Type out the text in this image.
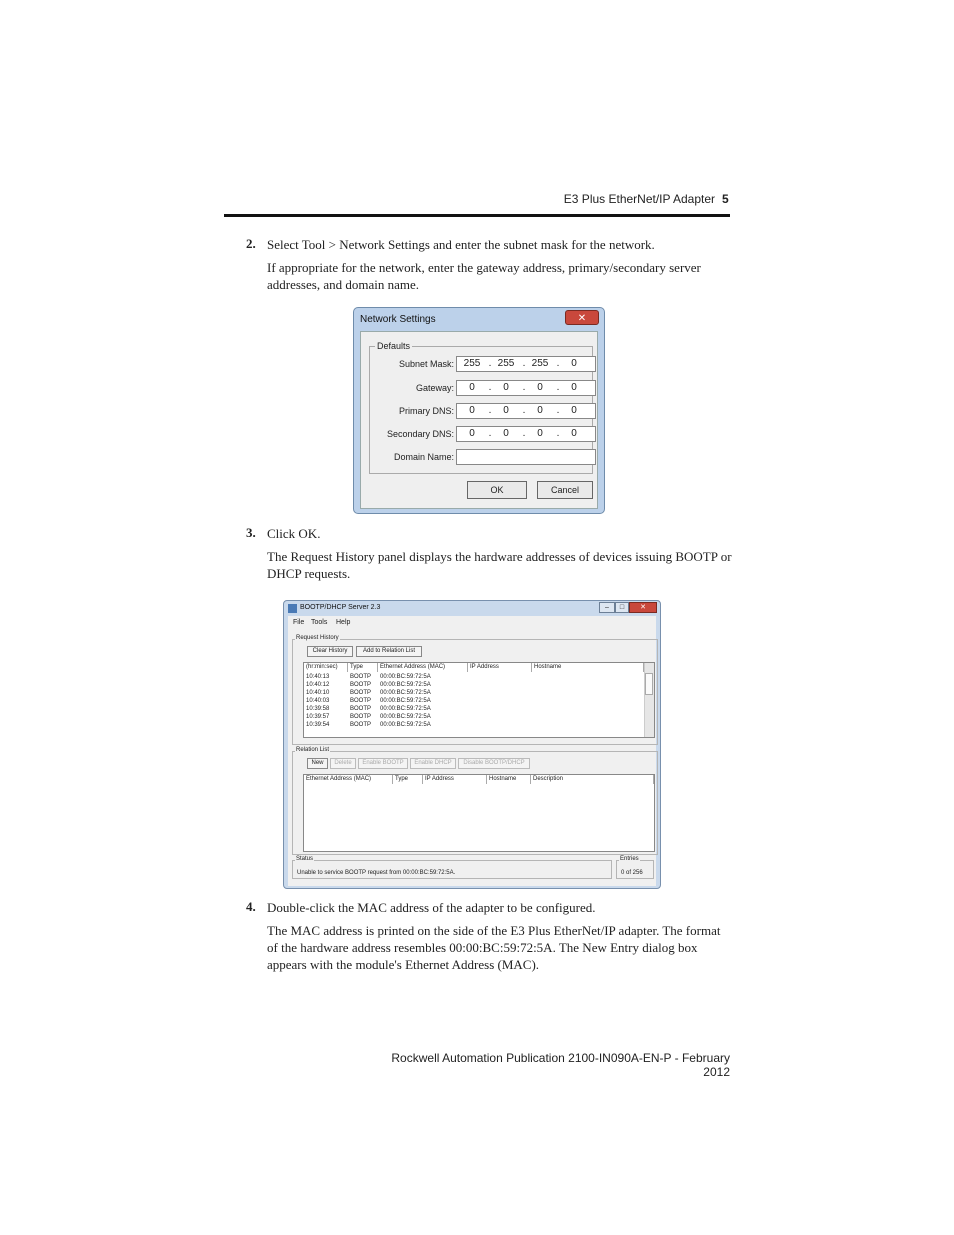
E3 Plus EtherNet/IP Adapter 5
2. Select Tool > Network Settings and enter the subnet mask for the network.
If appropriate for the network, enter the gateway address, primary/secondary server addresses, and domain name.
Network Settings	✕
Subnet Mask: 255 . 255 . 255 .	0
Gateway:	0	.	0	.	0	.	0
Primary DNS:	0	.	0	.	0	.	0
Secondary DNS:	0	.	0	.	0	.	0
Domain Name:
Defaults
OK	Cancel
3. Click OK.
The Request History panel displays the hardware addresses of devices issuing BOOTP or DHCP requests.
BOOTP/DHCP Server 2.3	–	□	✕
File Tools Help
Clear History	Add to Relation List
(hr:min:sec)	Type	Ethernet Address (MAC)	IP Address	Hostname
10:40:13	BOOTP 00:00:BC:59:72:5A
10:40:12	BOOTP 00:00:BC:59:72:5A
10:40:10	BOOTP 00:00:BC:59:72:5A
10:40:03	BOOTP 00:00:BC:59:72:5A
10:39:58	BOOTP 00:00:BC:59:72:5A
10:39:57	BOOTP 00:00:BC:59:72:5A
10:39:54	BOOTP 00:00:BC:59:72:5A
Request History
New	Delete	Enable BOOTP	Enable DHCP	Disable BOOTP/DHCP
Ethernet Address (MAC)	Type	IP Address	Hostname	Description
Relation List
Unable to service BOOTP request from 00:00:BC:59:72:5A.
Status
0 of 256
Entries
4. Double-click the MAC address of the adapter to be configured.
The MAC address is printed on the side of the E3 Plus EtherNet/IP adapter. The format of the hardware address resembles 00:00:BC:59:72:5A. The New Entry dialog box appears with the module's Ethernet Address (MAC).
Rockwell Automation Publication 2100-IN090A-EN-P - February 2012
